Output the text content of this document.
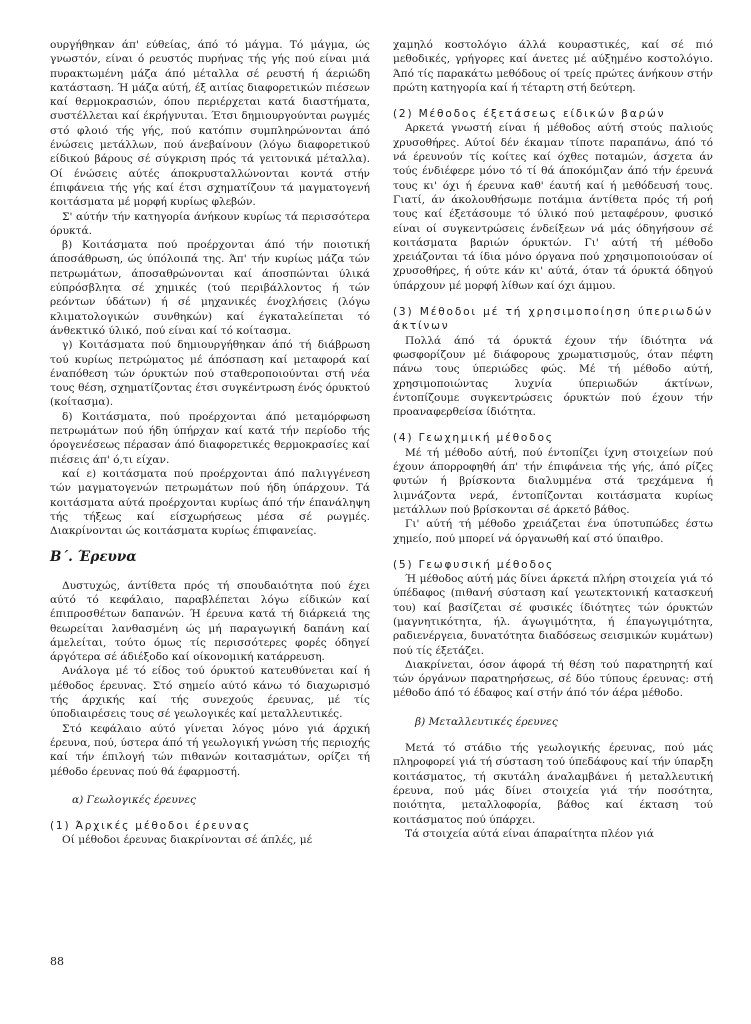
ουργήθηκαν άπ' εύθείας, άπό τό μάγμα. Τό μάγμα, ώς γνωστόν, είναι ό ρευστός πυρήνας τής γής πού είναι μιά πυρακτωμένη μάζα άπό μέταλλα σέ ρευστή ή άεριώδη κατάσταση. Ή μάζα αύτή, έξ αιτίας διαφορετικών πιέσεων καί θερμοκρασιών, όπου περιέρχεται κατά διαστήματα, συστέλλεται καί έκρήγνυται. Έτσι δημιουργούνται ρωγμές στό φλοιό τής γής, πού κατόπιν συμπληρώνονται άπό ένώσεις μετάλλων, πού άνεβαίνουν (λόγω διαφορετικού είδικού βάρους σέ σύγκριση πρός τά γειτονικά μέταλλα). Οί ένώσεις αύτές άποκρυσταλλώνονται κοντά στήν έπιφάνεια τής γής καί έτσι σχηματίζουν τά μαγματογενή κοιτάσματα μέ μορφή κυρίως φλεβών.

Σ' αύτήν τήν κατηγορία άνήκουν κυρίως τά περισσότερα όρυκτά.

β) Κοιτάσματα πού προέρχονται άπό τήν ποιοτική άποσάθρωση, ώς ύπόλοιπά της. Άπ' τήν κυρίως μάζα τών πετρωμάτων, άποσαθρώνονται καί άποσπώνται ύλικά εύπρόσβλητα σέ χημικές (τού περιβάλλοντος ή τών ρεόντων ύδάτων) ή σέ μηχανικές ένοχλήσεις (λόγω κλιματολογικών συνθηκών) καί έγκαταλείπεται τό άνθεκτικό ύλικό, πού είναι καί τό κοίτασμα.

γ) Κοιτάσματα πού δημιουργήθηκαν άπό τή διάβρωση τού κυρίως πετρώματος μέ άπόσπαση καί μεταφορά καί έναπόθεση τών όρυκτών πού σταθεροποιούνται στή νέα τους θέση, σχηματίζοντας έτσι συγκέντρωση ένός όρυκτού (κοίτασμα).

δ) Κοιτάσματα, πού προέρχονται άπό μεταμόρφωση πετρωμάτων πού ήδη ύπήρχαν καί κατά τήν περίοδο τής όρογενέσεως πέρασαν άπό διαφορετικές θερμοκρασίες καί πιέσεις άπ' ό,τι είχαν.

καί ε) κοιτάσματα πού προέρχονται άπό παλιγγένεση τών μαγματογενών πετρωμάτων πού ήδη ύπάρχουν. Τά κοιτάσματα αύτά προέρχονται κυρίως άπό τήν έπανάληψη τής τήξεως καί είσχωρήσεως μέσα σέ ρωγμές. Διακρίνονται ώς κοιτάσματα κυρίως έπιφανείας.

Β΄. Έρευνα

Δυστυχώς, άντίθετα πρός τή σπουδαιότητα πού έχει αύτό τό κεφάλαιο, παραβλέπεται λόγω είδικών καί έπιπροσθέτων δαπανών. Ή έρευνα κατά τή διάρκειά της θεωρείται λανθασμένη ώς μή παραγωγική δαπάνη καί άμελείται, τούτο όμως τίς περισσότερες φορές όδηγεί άργότερα σέ άδιέξοδο καί οίκονομική κατάρρευση.

Ανάλογα μέ τό είδος τού όρυκτού κατευθύνεται καί ή μέθοδος έρευνας. Στό σημείο αύτό κάνω τό διαχωρισμό τής άρχικής καί τής συνεχούς έρευνας, μέ τίς ύποδιαιρέσεις τους σέ γεωλογικές καί μεταλλευτικές.

Στό κεφάλαιο αύτό γίνεται λόγος μόνο γιά άρχική έρευνα, πού, ύστερα άπό τή γεωλογική γνώση τής περιοχής καί τήν έπιλογή τών πιθανών κοιτασμάτων, ορίζει τή μέθοδο έρευνας πού θά έφαρμοστή.

α) Γεωλογικές έρευνες

(1) Άρχικές μέθοδοι έρευνας

Οί μέθοδοι έρευνας διακρίνονται σέ άπλές, μέ

χαμηλό κοστολόγιο άλλά κουραστικές, καί σέ πιό μεθοδικές, γρήγορες καί άνετες μέ αύξημένο κοστολόγιο. Άπό τίς παρακάτω μεθόδους οί τρείς πρώτες άνήκουν στήν πρώτη κατηγορία καί ή τέταρτη στή δεύτερη.

(2) Μέθοδος έξετάσεως είδικών βαρών

Αρκετά γνωστή είναι ή μέθοδος αύτή στούς παλιούς χρυσοθήρες. Αύτοί δέν έκαμαν τίποτε παραπάνω, άπό τό νά έρευνούν τίς κοίτες καί όχθες ποταμών, άσχετα άν τούς ένδιέφερε μόνο τό τί θά άποκόμιζαν άπό τήν έρευνά τους κι' όχι ή έρευνα καθ' έαυτή καί ή μεθόδευσή τους. Γιατί, άν άκολουθήσωμε ποτάμια άντίθετα πρός τή ροή τους καί έξετάσουμε τό ύλικό πού μεταφέρουν, φυσικό είναι οί συγκεντρώσεις ένδείξεων νά μάς όδηγήσουν σέ κοιτάσματα βαριών όρυκτών. Γι' αύτή τή μέθοδο χρειάζονται τά ίδια μόνο όργανα πού χρησιμοποιούσαν οί χρυσοθήρες, ή ούτε κάν κι' αύτά, όταν τά όρυκτά όδηγού ύπάρχουν μέ μορφή λίθων καί όχι άμμου.

(3) Μέθοδοι μέ τή χρησιμοποίηση ύπεριωδών άκτίνων

Πολλά άπό τά όρυκτά έχουν τήν ίδιότητα νά φωσφορίζουν μέ διάφορους χρωματισμούς, όταν πέφτη πάνω τους ύπεριώδες φώς. Μέ τή μέθοδο αύτή, χρησιμοποιώντας λυχνία ύπεριωδών άκτίνων, έντοπίζουμε συγκεντρώσεις όρυκτών πού έχουν τήν προαναφερθείσα ίδιότητα.

(4) Γεωχημική μέθοδος

Μέ τή μέθοδο αύτή, πού έντοπίζει ίχνη στοιχείων πού έχουν άπορροφηθή άπ' τήν έπιφάνεια τής γής, άπό ρίζες φυτών ή βρίσκοντα διαλυμμένα στά τρεχάμενα ή λιμνάζοντα νερά, έντοπίζονται κοιτάσματα κυρίως μετάλλων πού βρίσκονται σέ άρκετό βάθος.

Γι' αύτή τή μέθοδο χρειάζεται ένα ύποτυπώδες έστω χημείο, πού μπορεί νά όργανωθή καί στό ύπαιθρο.

(5) Γεωφυσική μέθοδος

Ή μέθοδος αύτή μάς δίνει άρκετά πλήρη στοιχεία γιά τό ύπέδαφος (πιθανή σύσταση καί γεωτεκτονική κατασκευή του) καί βασίζεται σέ φυσικές ίδιότητες τών όρυκτών (μαγνητικότητα, ήλ. άγωγιμότητα, ή έπαγωγιμότητα, ραδιενέργεια, δυνατότητα διαδόσεως σεισμικών κυμάτων) πού τίς έξετάζει.

Διακρίνεται, όσον άφορά τή θέση τού παρατηρητή καί τών όργάνων παρατηρήσεως, σέ δύο τύπους έρευνας: στή μέθοδο άπό τό έδαφος καί στήν άπό τόν άέρα μέθοδο.

β) Μεταλλευτικές έρευνες

Μετά τό στάδιο τής γεωλογικής έρευνας, πού μάς πληροφορεί γιά τή σύσταση τού ύπεδάφους καί τήν ύπαρξη κοιτάσματος, τή σκυτάλη άναλαμβάνει ή μεταλλευτική έρευνα, πού μάς δίνει στοιχεία γιά τήν ποσότητα, ποιότητα, μεταλλοφορία, βάθος καί έκταση τού κοιτάσματος πού ύπάρχει.

Τά στοιχεία αύτά είναι άπαραίτητα πλέον γιά

88
